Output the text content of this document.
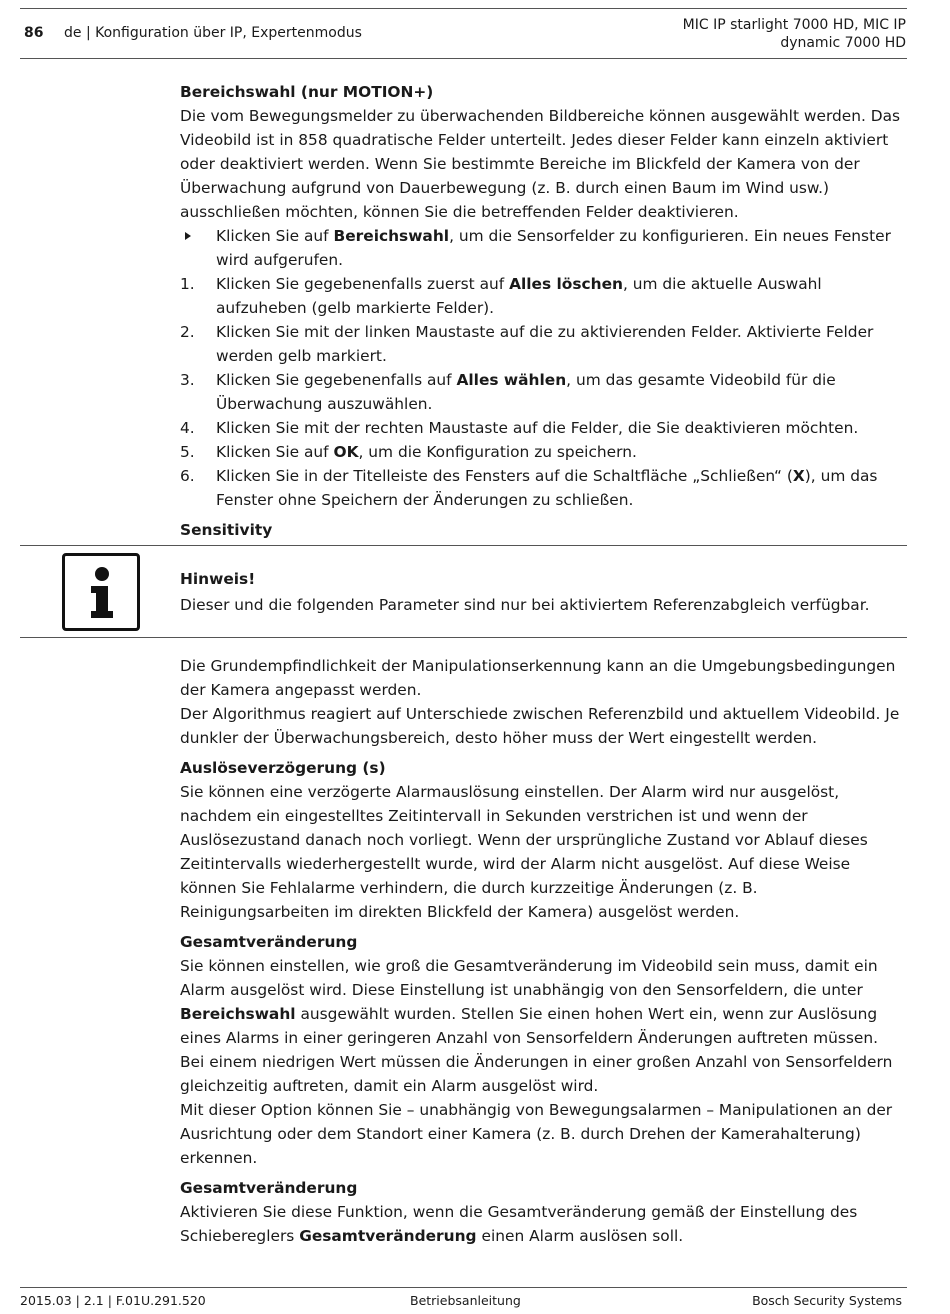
86 de | Konfiguration über IP, Expertenmodus	MIC IP starlight 7000 HD, MIC IP
dynamic 7000 HD
Bereichswahl (nur MOTION+)

Die vom Bewegungsmelder zu überwachenden Bildbereiche können ausgewählt werden. Das Videobild ist in 858 quadratische Felder unterteilt. Jedes dieser Felder kann einzeln aktiviert oder deaktiviert werden. Wenn Sie bestimmte Bereiche im Blickfeld der Kamera von der Überwachung aufgrund von Dauerbewegung (z. B. durch einen Baum im Wind usw.) ausschließen möchten, können Sie die betreffenden Felder deaktivieren.

Klicken Sie auf Bereichswahl, um die Sensorfelder zu konfigurieren. Ein neues Fenster wird aufgerufen.
1. Klicken Sie gegebenenfalls zuerst auf Alles löschen, um die aktuelle Auswahl aufzuheben (gelb markierte Felder).
2. Klicken Sie mit der linken Maustaste auf die zu aktivierenden Felder. Aktivierte Felder werden gelb markiert.
3. Klicken Sie gegebenenfalls auf Alles wählen, um das gesamte Videobild für die Überwachung auszuwählen.
4. Klicken Sie mit der rechten Maustaste auf die Felder, die Sie deaktivieren möchten.
5. Klicken Sie auf OK, um die Konfiguration zu speichern.
6. Klicken Sie in der Titelleiste des Fensters auf die Schaltfläche „Schließen“ (X), um das Fenster ohne Speichern der Änderungen zu schließen.
Sensitivity
Hinweis!
Dieser und die folgenden Parameter sind nur bei aktiviertem Referenzabgleich verfügbar.

Die Grundempfindlichkeit der Manipulationserkennung kann an die Umgebungsbedingungen der Kamera angepasst werden.

Der Algorithmus reagiert auf Unterschiede zwischen Referenzbild und aktuellem Videobild. Je dunkler der Überwachungsbereich, desto höher muss der Wert eingestellt werden.

Auslöseverzögerung (s)

Sie können eine verzögerte Alarmauslösung einstellen. Der Alarm wird nur ausgelöst, nachdem ein eingestelltes Zeitintervall in Sekunden verstrichen ist und wenn der Auslösezustand danach noch vorliegt. Wenn der ursprüngliche Zustand vor Ablauf dieses Zeitintervalls wiederhergestellt wurde, wird der Alarm nicht ausgelöst. Auf diese Weise können Sie Fehlalarme verhindern, die durch kurzzeitige Änderungen (z. B. Reinigungsarbeiten im direkten Blickfeld der Kamera) ausgelöst werden.

Gesamtveränderung

Sie können einstellen, wie groß die Gesamtveränderung im Videobild sein muss, damit ein Alarm ausgelöst wird. Diese Einstellung ist unabhängig von den Sensorfeldern, die unter Bereichswahl ausgewählt wurden. Stellen Sie einen hohen Wert ein, wenn zur Auslösung eines Alarms in einer geringeren Anzahl von Sensorfeldern Änderungen auftreten müssen. Bei einem niedrigen Wert müssen die Änderungen in einer großen Anzahl von Sensorfeldern gleichzeitig auftreten, damit ein Alarm ausgelöst wird.

Mit dieser Option können Sie – unabhängig von Bewegungsalarmen – Manipulationen an der Ausrichtung oder dem Standort einer Kamera (z. B. durch Drehen der Kamerahalterung) erkennen.

Gesamtveränderung

Aktivieren Sie diese Funktion, wenn die Gesamtveränderung gemäß der Einstellung des Schiebereglers Gesamtveränderung einen Alarm auslösen soll.

2015.03 | 2.1 | F.01U.291.520	Betriebsanleitung	Bosch Security Systems
